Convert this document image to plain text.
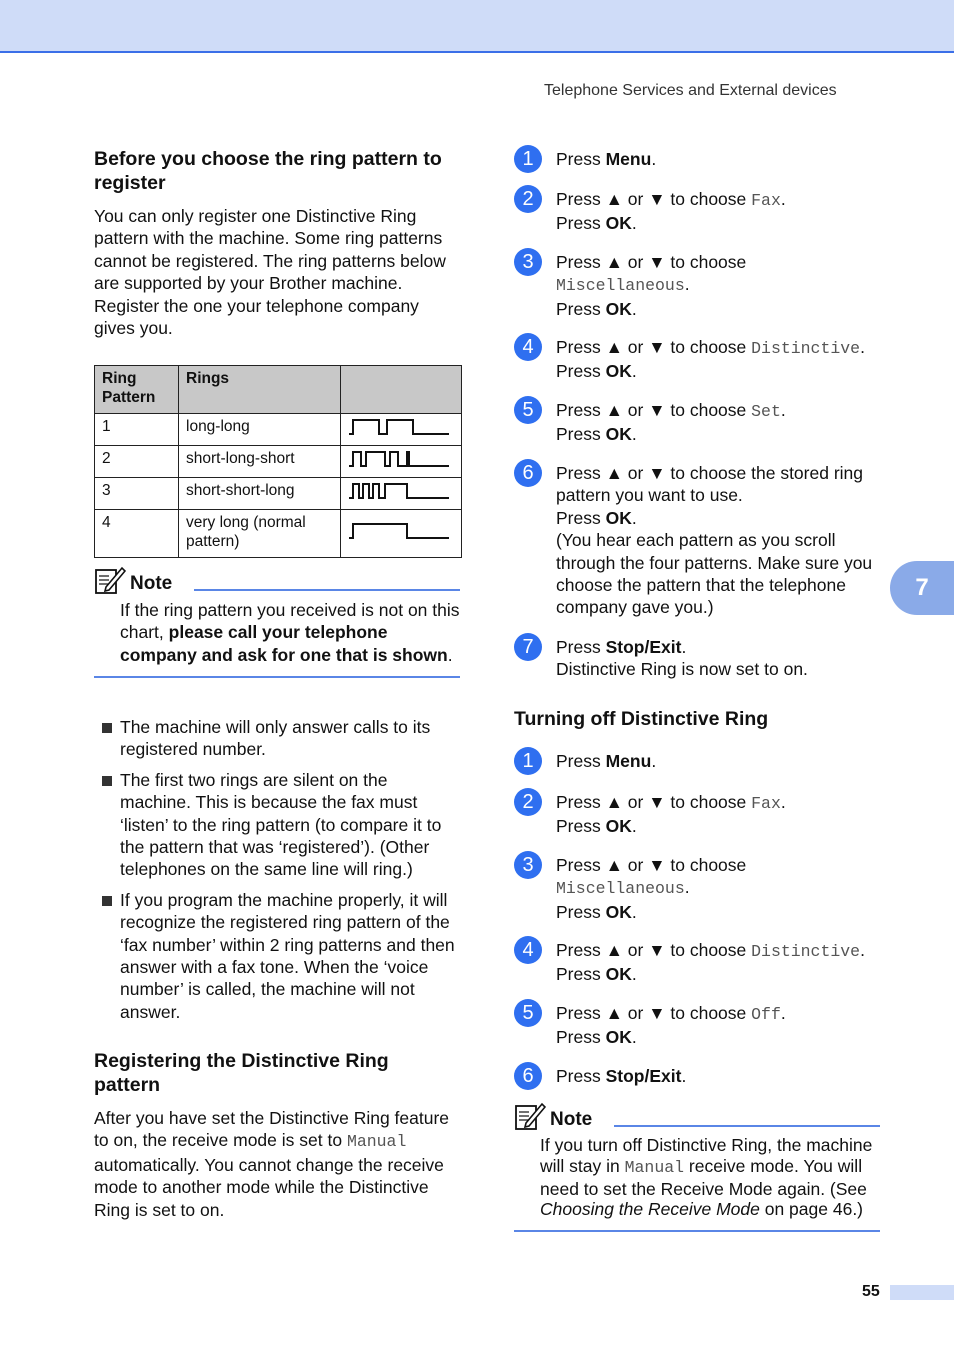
Telephone Services and External devices
7
Before you choose the ring pattern to register

You can only register one Distinctive Ring pattern with the machine. Some ring patterns cannot be registered. The ring patterns below are supported by your Brother machine. Register the one your telephone company gives you.

Ring Pattern	Rings	
1	long-long	
2	short-long-short	
3	short-short-long	
4	very long (normal pattern)	
Note
If the ring pattern you received is not on this chart, please call your telephone company and ask for one that is shown.
The machine will only answer calls to its registered number.
The first two rings are silent on the machine. This is because the fax must ‘listen’ to the ring pattern (to compare it to the pattern that was ‘registered’). (Other telephones on the same line will ring.)
If you program the machine properly, it will recognize the registered ring pattern of the ‘fax number’ within 2 ring patterns and then answer with a fax tone. When the ‘voice number’ is called, the machine will not answer.
Registering the Distinctive Ring pattern

After you have set the Distinctive Ring feature to on, the receive mode is set to Manual automatically. You cannot change the receive mode to another mode while the Distinctive Ring is set to on.

1	Press Menu.
2	Press ▲ or ▼ to choose Fax.
Press OK.
3	Press ▲ or ▼ to choose
Miscellaneous.
Press OK.
4	Press ▲ or ▼ to choose Distinctive.
Press OK.
5	Press ▲ or ▼ to choose Set.
Press OK.
6	Press ▲ or ▼ to choose the stored ring pattern you want to use.
Press OK.
(You hear each pattern as you scroll through the four patterns. Make sure you choose the pattern that the telephone company gave you.)
7	Press Stop/Exit.
Distinctive Ring is now set to on.
Turning off Distinctive Ring
1	Press Menu.
2	Press ▲ or ▼ to choose Fax.
Press OK.
3	Press ▲ or ▼ to choose
Miscellaneous.
Press OK.
4	Press ▲ or ▼ to choose Distinctive.
Press OK.
5	Press ▲ or ▼ to choose Off.
Press OK.
6	Press Stop/Exit.
Note
If you turn off Distinctive Ring, the machine will stay in Manual receive mode. You will need to set the Receive Mode again. (See Choosing the Receive Mode on page 46.)
55
